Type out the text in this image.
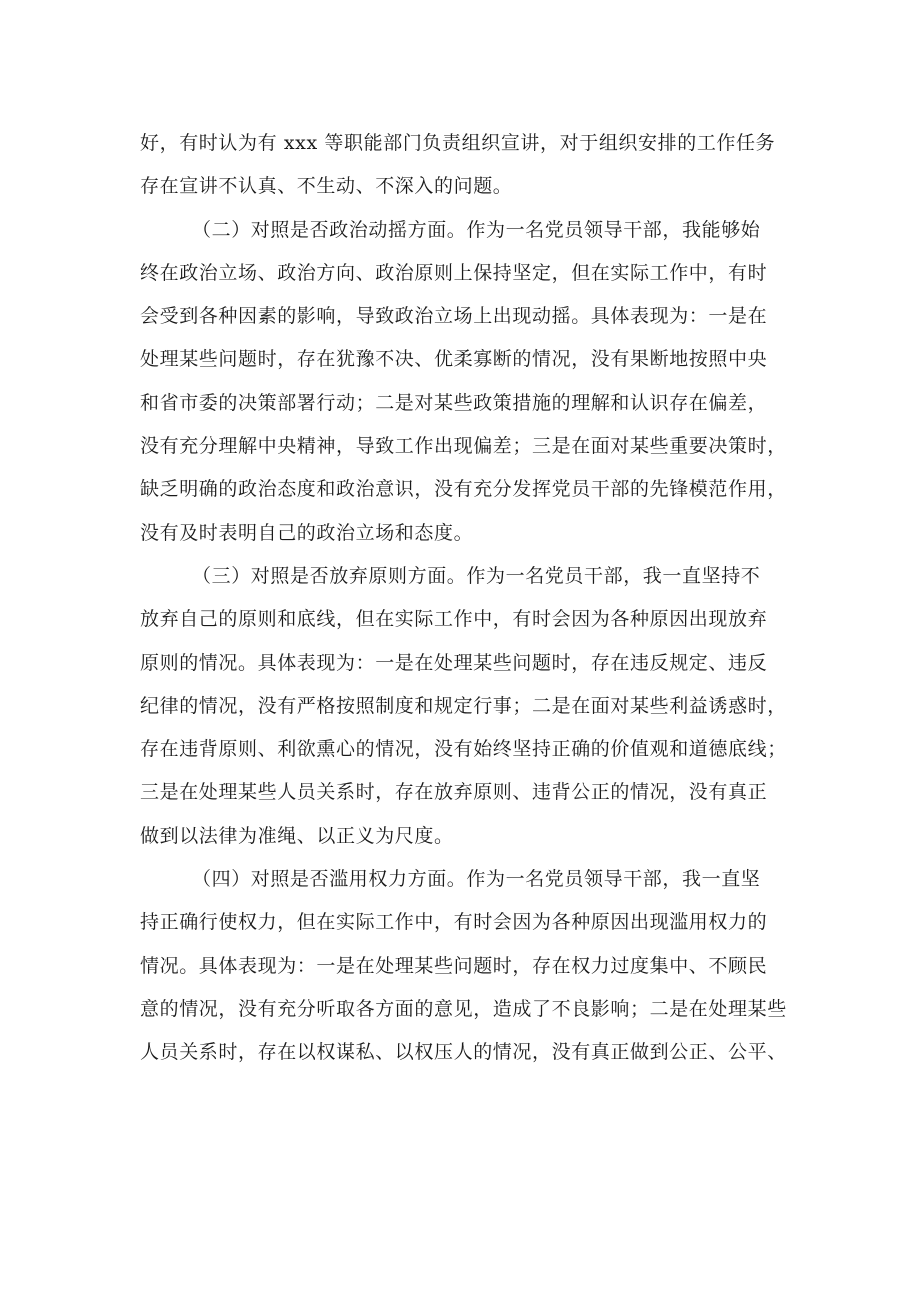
好，有时认为有 xxx 等职能部门负责组织宣讲，对于组织安排的工作任务
存在宣讲不认真、不生动、不深入的问题。
（二）对照是否政治动摇方面。作为一名党员领导干部，我能够始
终在政治立场、政治方向、政治原则上保持坚定，但在实际工作中，有时
会受到各种因素的影响，导致政治立场上出现动摇。具体表现为：一是在
处理某些问题时，存在犹豫不决、优柔寡断的情况，没有果断地按照中央
和省市委的决策部署行动；二是对某些政策措施的理解和认识存在偏差，
没有充分理解中央精神，导致工作出现偏差；三是在面对某些重要决策时，
缺乏明确的政治态度和政治意识，没有充分发挥党员干部的先锋模范作用，
没有及时表明自己的政治立场和态度。
（三）对照是否放弃原则方面。作为一名党员干部，我一直坚持不
放弃自己的原则和底线，但在实际工作中，有时会因为各种原因出现放弃
原则的情况。具体表现为：一是在处理某些问题时，存在违反规定、违反
纪律的情况，没有严格按照制度和规定行事；二是在面对某些利益诱惑时，
存在违背原则、利欲熏心的情况，没有始终坚持正确的价值观和道德底线；
三是在处理某些人员关系时，存在放弃原则、违背公正的情况，没有真正
做到以法律为准绳、以正义为尺度。
（四）对照是否滥用权力方面。作为一名党员领导干部，我一直坚
持正确行使权力，但在实际工作中，有时会因为各种原因出现滥用权力的
情况。具体表现为：一是在处理某些问题时，存在权力过度集中、不顾民
意的情况，没有充分听取各方面的意见，造成了不良影响；二是在处理某些
人员关系时，存在以权谋私、以权压人的情况，没有真正做到公正、公平、
